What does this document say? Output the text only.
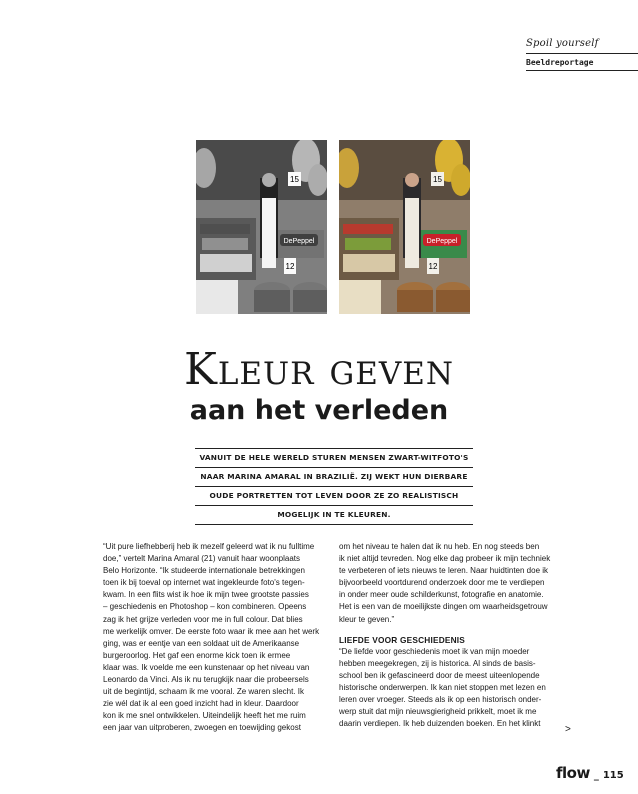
Spoil yourself
Beeldreportage
15
DePeppel
12
15
DePeppel
12
Kleur geven
aan het verleden
VANUIT DE HELE WERELD STUREN MENSEN ZWART-WITFOTO'S
NAAR MARINA AMARAL IN BRAZILIË. ZIJ WEKT HUN DIERBARE
OUDE PORTRETTEN TOT LEVEN DOOR ZE ZO REALISTISCH
MOGELIJK IN TE KLEUREN.

“Uit pure liefhebberij heb ik mezelf geleerd wat ik nu fulltime

doe,” vertelt Marina Amaral (21) vanuit haar woonplaats

Belo Horizonte. “Ik studeerde internationale betrekkingen

toen ik bij toeval op internet wat ingekleurde foto's tegen-

kwam. In een flits wist ik hoe ik mijn twee grootste passies

– geschiedenis en Photoshop – kon combineren. Opeens

zag ik het grijze verleden voor me in full colour. Dat blies

me werkelijk omver. De eerste foto waar ik mee aan het werk

ging, was er eentje van een soldaat uit de Amerikaanse

burgeroorlog. Het gaf een enorme kick toen ik ermee

klaar was. Ik voelde me een kunstenaar op het niveau van

Leonardo da Vinci. Als ik nu terugkijk naar die probeersels

uit de begintijd, schaam ik me vooral. Ze waren slecht. Ik

zie wél dat ik al een goed inzicht had in kleur. Daardoor

kon ik me snel ontwikkelen. Uiteindelijk heeft het me ruim

een jaar van uitproberen, zwoegen en toewijding gekost

om het niveau te halen dat ik nu heb. En nog steeds ben

ik niet altijd tevreden. Nog elke dag probeer ik mijn techniek

te verbeteren of iets nieuws te leren. Naar huidtinten doe ik

bijvoorbeeld voortdurend onderzoek door me te verdiepen

in onder meer oude schilderkunst, fotografie en anatomie.

Het is een van de moeilijkste dingen om waarheidsgetrouw

kleur te geven.”

LIEFDE VOOR GESCHIEDENIS

“De liefde voor geschiedenis moet ik van mijn moeder

hebben meegekregen, zij is historica. Al sinds de basis-

school ben ik gefascineerd door de meest uiteenlopende

historische onderwerpen. Ik kan niet stoppen met lezen en

leren over vroeger. Steeds als ik op een historisch onder-

werp stuit dat mijn nieuwsgierigheid prikkelt, moet ik me

daarin verdiepen. Ik heb duizenden boeken. En het klinkt

>
flow _ 115
